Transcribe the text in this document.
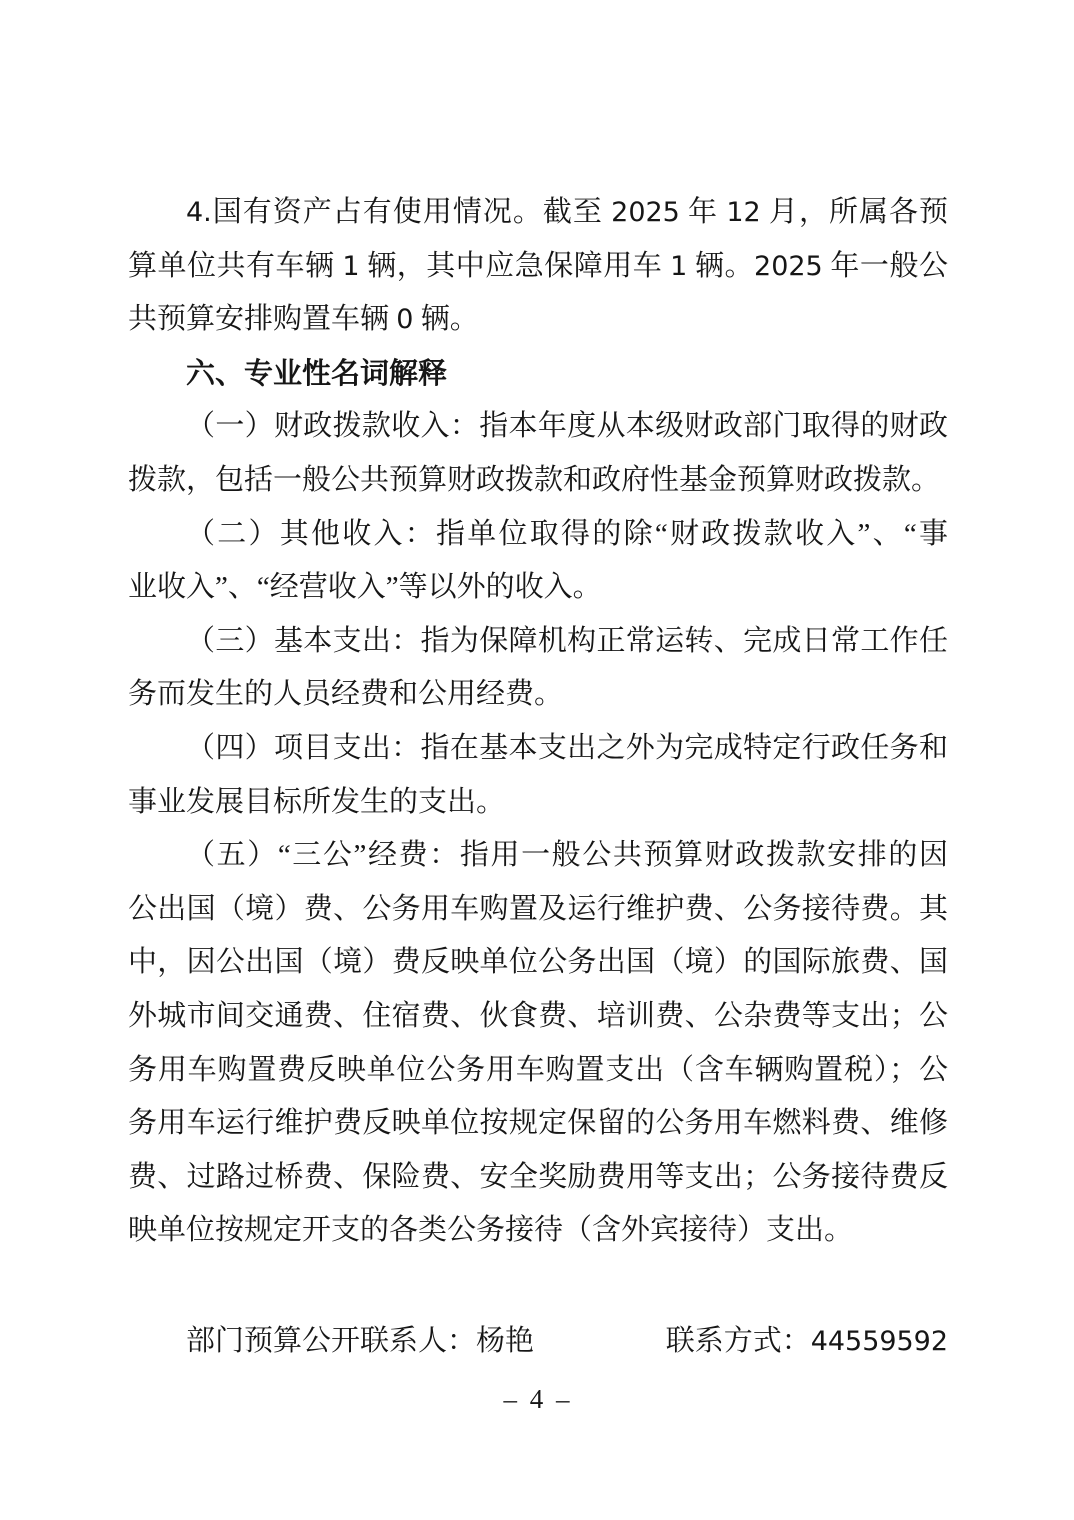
4.国有资产占有使用情况。截至 2025 年 12 月，所属各预
算单位共有车辆 1 辆，其中应急保障用车 1 辆。2025 年一般公
共预算安排购置车辆 0 辆。
六、专业性名词解释
（一）财政拨款收入：指本年度从本级财政部门取得的财政
拨款，包括一般公共预算财政拨款和政府性基金预算财政拨款。
（二）其他收入：指单位取得的除“财政拨款收入”、“事
业收入”、“经营收入”等以外的收入。
（三）基本支出：指为保障机构正常运转、完成日常工作任
务而发生的人员经费和公用经费。
（四）项目支出：指在基本支出之外为完成特定行政任务和
事业发展目标所发生的支出。
（五）“三公”经费：指用一般公共预算财政拨款安排的因
公出国（境）费、公务用车购置及运行维护费、公务接待费。其
中，因公出国（境）费反映单位公务出国（境）的国际旅费、国
外城市间交通费、住宿费、伙食费、培训费、公杂费等支出；公
务用车购置费反映单位公务用车购置支出（含车辆购置税）；公
务用车运行维护费反映单位按规定保留的公务用车燃料费、维修
费、过路过桥费、保险费、安全奖励费用等支出；公务接待费反
映单位按规定开支的各类公务接待（含外宾接待）支出。
部门预算公开联系人：杨艳	联系方式：44559592
– 4 –
